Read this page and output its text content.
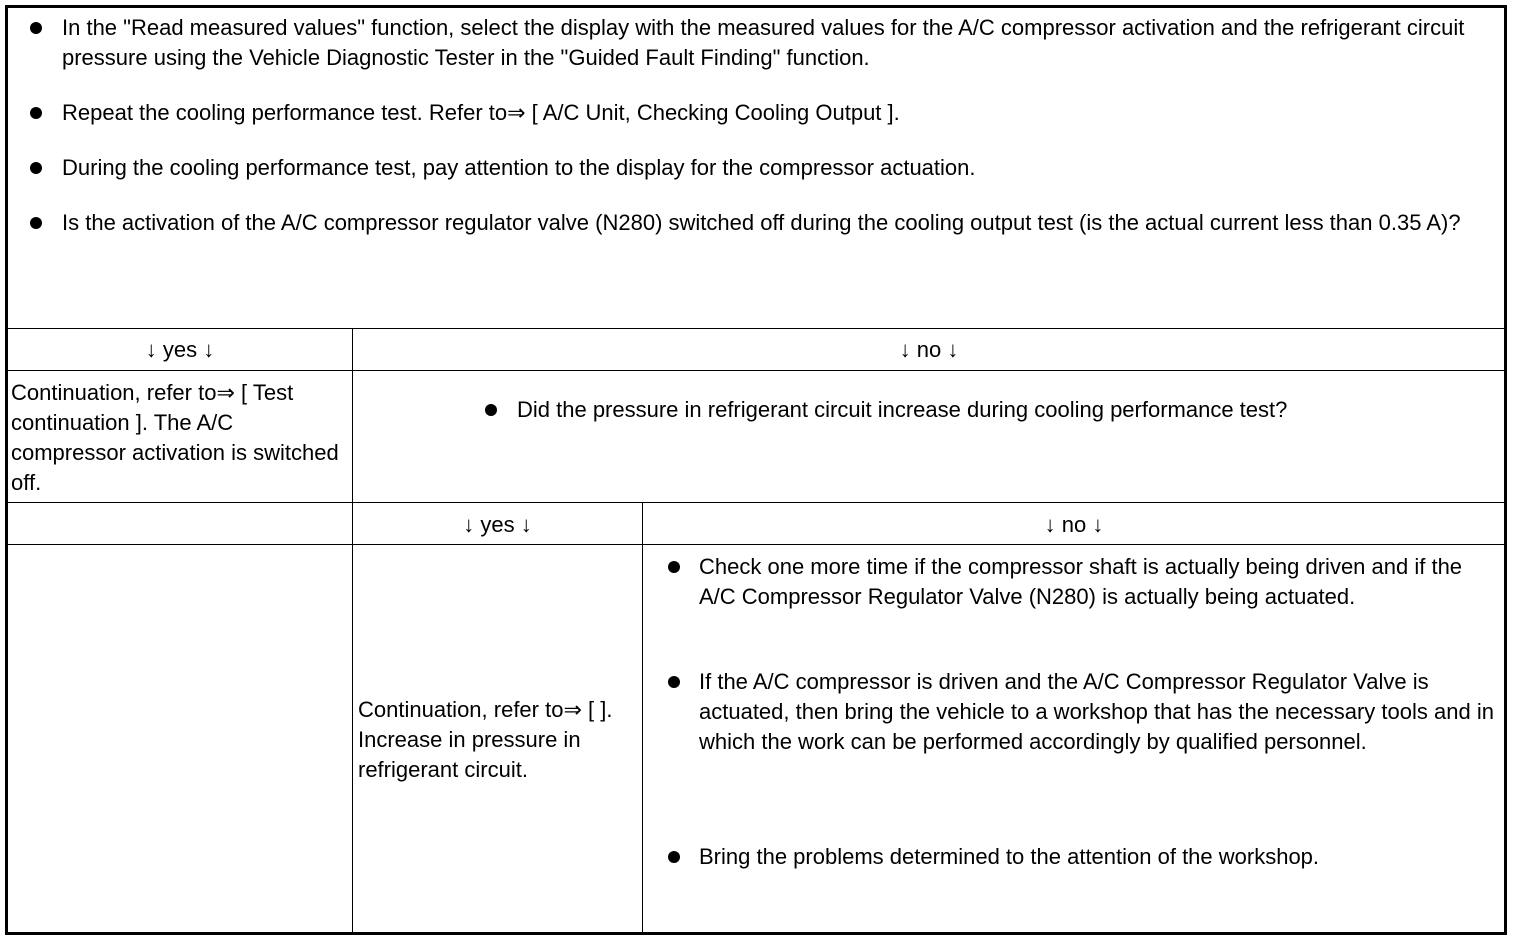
In the "Read measured values" function, select the display with the measured values for the A/C compressor activation and the refrigerant circuit pressure using the Vehicle Diagnostic Tester in the "Guided Fault Finding" function.
Repeat the cooling performance test. Refer to⇒ [ A/C Unit, Checking Cooling Output ].
During the cooling performance test, pay attention to the display for the compressor actuation.
Is the activation of the A/C compressor regulator valve (N280) switched off during the cooling output test (is the actual current less than 0.35 A)?
↓ yes ↓	↓ no ↓
Continuation, refer to⇒ [ Test continuation ]. The A/C compressor activation is switched off.
Did the pressure in refrigerant circuit increase during cooling performance test?
↓ yes ↓	↓ no ↓
Continuation, refer to⇒ [ ]. Increase in pressure in refrigerant circuit.
Check one more time if the compressor shaft is actually being driven and if the A/C Compressor Regulator Valve (N280) is actually being actuated.
If the A/C compressor is driven and the A/C Compressor Regulator Valve is actuated, then bring the vehicle to a workshop that has the necessary tools and in which the work can be performed accordingly by qualified personnel.
Bring the problems determined to the attention of the workshop.
